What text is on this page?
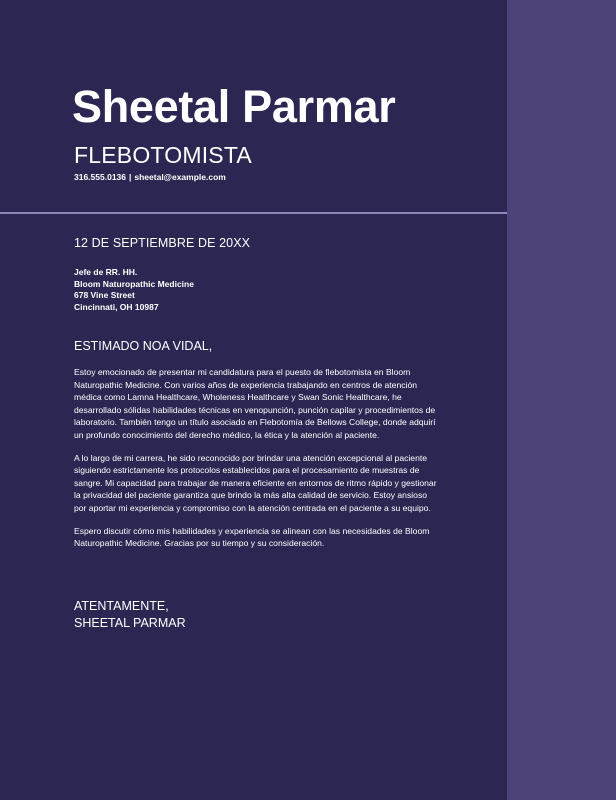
Sheetal Parmar
FLEBOTOMISTA
316.555.0136 | sheetal@example.com
12 DE SEPTIEMBRE DE 20XX
Jefe de RR. HH.
Bloom Naturopathic Medicine
678 Vine Street
Cincinnati, OH 10987
ESTIMADO NOA VIDAL,

Estoy emocionado de presentar mi candidatura para el puesto de flebotomista en Bloom Naturopathic Medicine. Con varios años de experiencia trabajando en centros de atención médica como Lamna Healthcare, Wholeness Healthcare y Swan Sonic Healthcare, he desarrollado sólidas habilidades técnicas en venopunción, punción capilar y procedimientos de laboratorio. También tengo un título asociado en Flebotomía de Bellows College, donde adquirí un profundo conocimiento del derecho médico, la ética y la atención al paciente.

A lo largo de mi carrera, he sido reconocido por brindar una atención excepcional al paciente siguiendo estrictamente los protocolos establecidos para el procesamiento de muestras de sangre. Mi capacidad para trabajar de manera eficiente en entornos de ritmo rápido y gestionar la privacidad del paciente garantiza que brindo la más alta calidad de servicio. Estoy ansioso por aportar mi experiencia y compromiso con la atención centrada en el paciente a su equipo.

Espero discutir cómo mis habilidades y experiencia se alinean con las necesidades de Bloom Naturopathic Medicine. Gracias por su tiempo y su consideración.

ATENTAMENTE,
SHEETAL PARMAR
